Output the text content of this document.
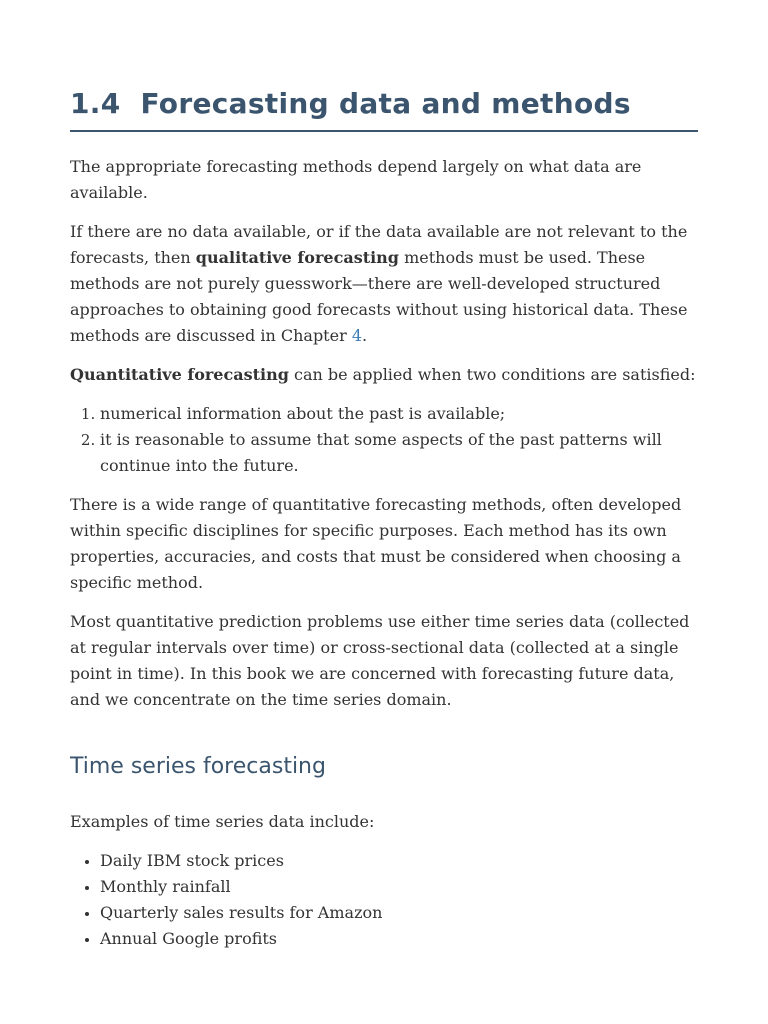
1.4 Forecasting data and methods

The appropriate forecasting methods depend largely on what data are available.

If there are no data available, or if the data available are not relevant to the forecasts, then qualitative forecasting methods must be used. These methods are not purely guesswork—there are well-developed structured approaches to obtaining good forecasts without using historical data. These methods are discussed in Chapter 4.

Quantitative forecasting can be applied when two conditions are satisfied:

1. numerical information about the past is available;
2. it is reasonable to assume that some aspects of the past patterns will continue into the future.

There is a wide range of quantitative forecasting methods, often developed within specific disciplines for specific purposes. Each method has its own properties, accuracies, and costs that must be considered when choosing a specific method.

Most quantitative prediction problems use either time series data (collected at regular intervals over time) or cross-sectional data (collected at a single point in time). In this book we are concerned with forecasting future data, and we concentrate on the time series domain.

Time series forecasting

Examples of time series data include:

• Daily IBM stock prices
• Monthly rainfall
• Quarterly sales results for Amazon
• Annual Google profits
